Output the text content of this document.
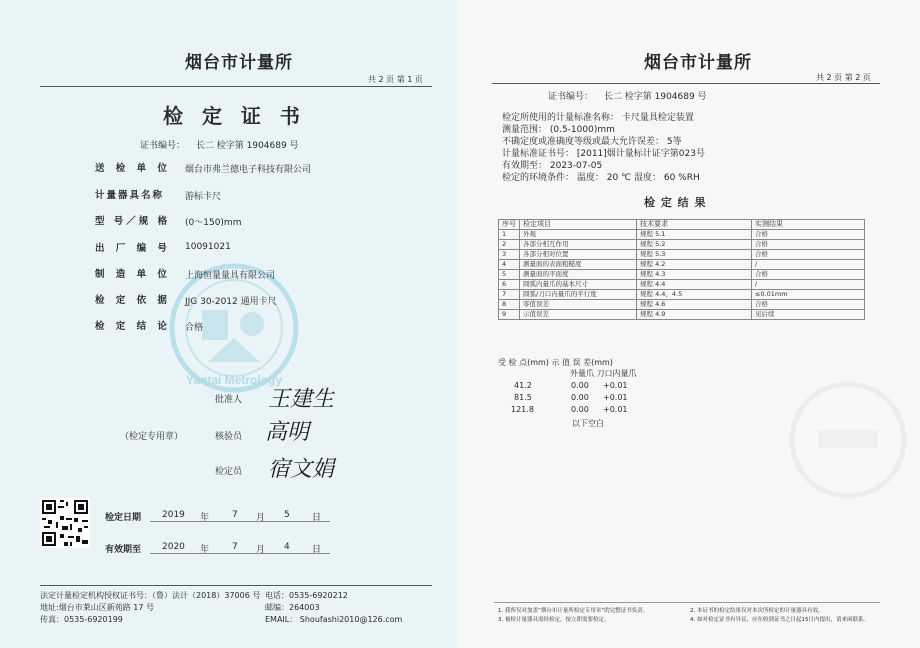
Yantai Metrology
烟台市计量所
共 2 页 第 1 页
检 定 证 书
证书编号： 长二 检字第 1904689 号
送 检 单 位 烟台市弗兰德电子科技有限公司
计量器具名称 游标卡尺
型 号／规 格 (0～150)mm
出 厂 编 号 10091021
制 造 单 位 上海恒量量具有限公司
检 定 依 据 JJG 30-2012 通用卡尺
检 定 结 论 合格
批准人 王建生
（检定专用章）	核验员 高明
检定员 宿文娟
检定日期 2019 年	7 月 5 日
有效期至 2020 年	7 月 4 日
法定计量检定机构授权证书号：（鲁）法计（2018）37006 号 电话：0535-6920212
地址:烟台市莱山区新苑路 17 号	邮编：264003
传真：0535-6920199	EMAIL： Shoufashi2010@126.com
烟台市计量所
共 2 页 第 2 页
证书编号： 长二 检字第 1904689 号
检定所使用的计量标准名称： 卡尺量具检定装置
测量范围： (0.5-1000)mm
不确定度或准确度等级或最大允许误差： 5等
计量标准证书号： [2011]烟计量标计证字第023号
有效期至： 2023-07-05
检定的环境条件： 温度： 20 ℃ 湿度： 60 %RH
检 定 结 果
序号	检定项目	技术要求	实测结果
1	外观	规程 5.1	合格
2	各部分相互作用	规程 5.2	合格
3	各部分相对位置	规程 5.3	合格
4	测量面的表面粗糙度	规程 4.2	/
5	测量面的平面度	规程 4.3	合格
6	圆弧内量爪的基本尺寸	规程 4.4	/
7	圆弧/刀口内量爪的平行度	规程 4.4、4.5	≤0.01mm
8	零值误差	规程 4.6	合格
9	示值误差	规程 4.9	见后续
受 检 点(mm) 示 值 误 差(mm)
外量爪 刀口内量爪
41.2	0.00 +0.01
81.5	0.00 +0.01
121.8	0.00 +0.01
以下空白
1. 我所仅对加盖“烟台市计量所检定专用章”的完整证书负责。	2. 本证书的检定结果仅对本次所检定的计量器具有效。
3. 被检计量器具需经检定，按立即需要检定。	4. 如对检定证书有异议，应在收到证书之日起15日内提出，请来函联系。
